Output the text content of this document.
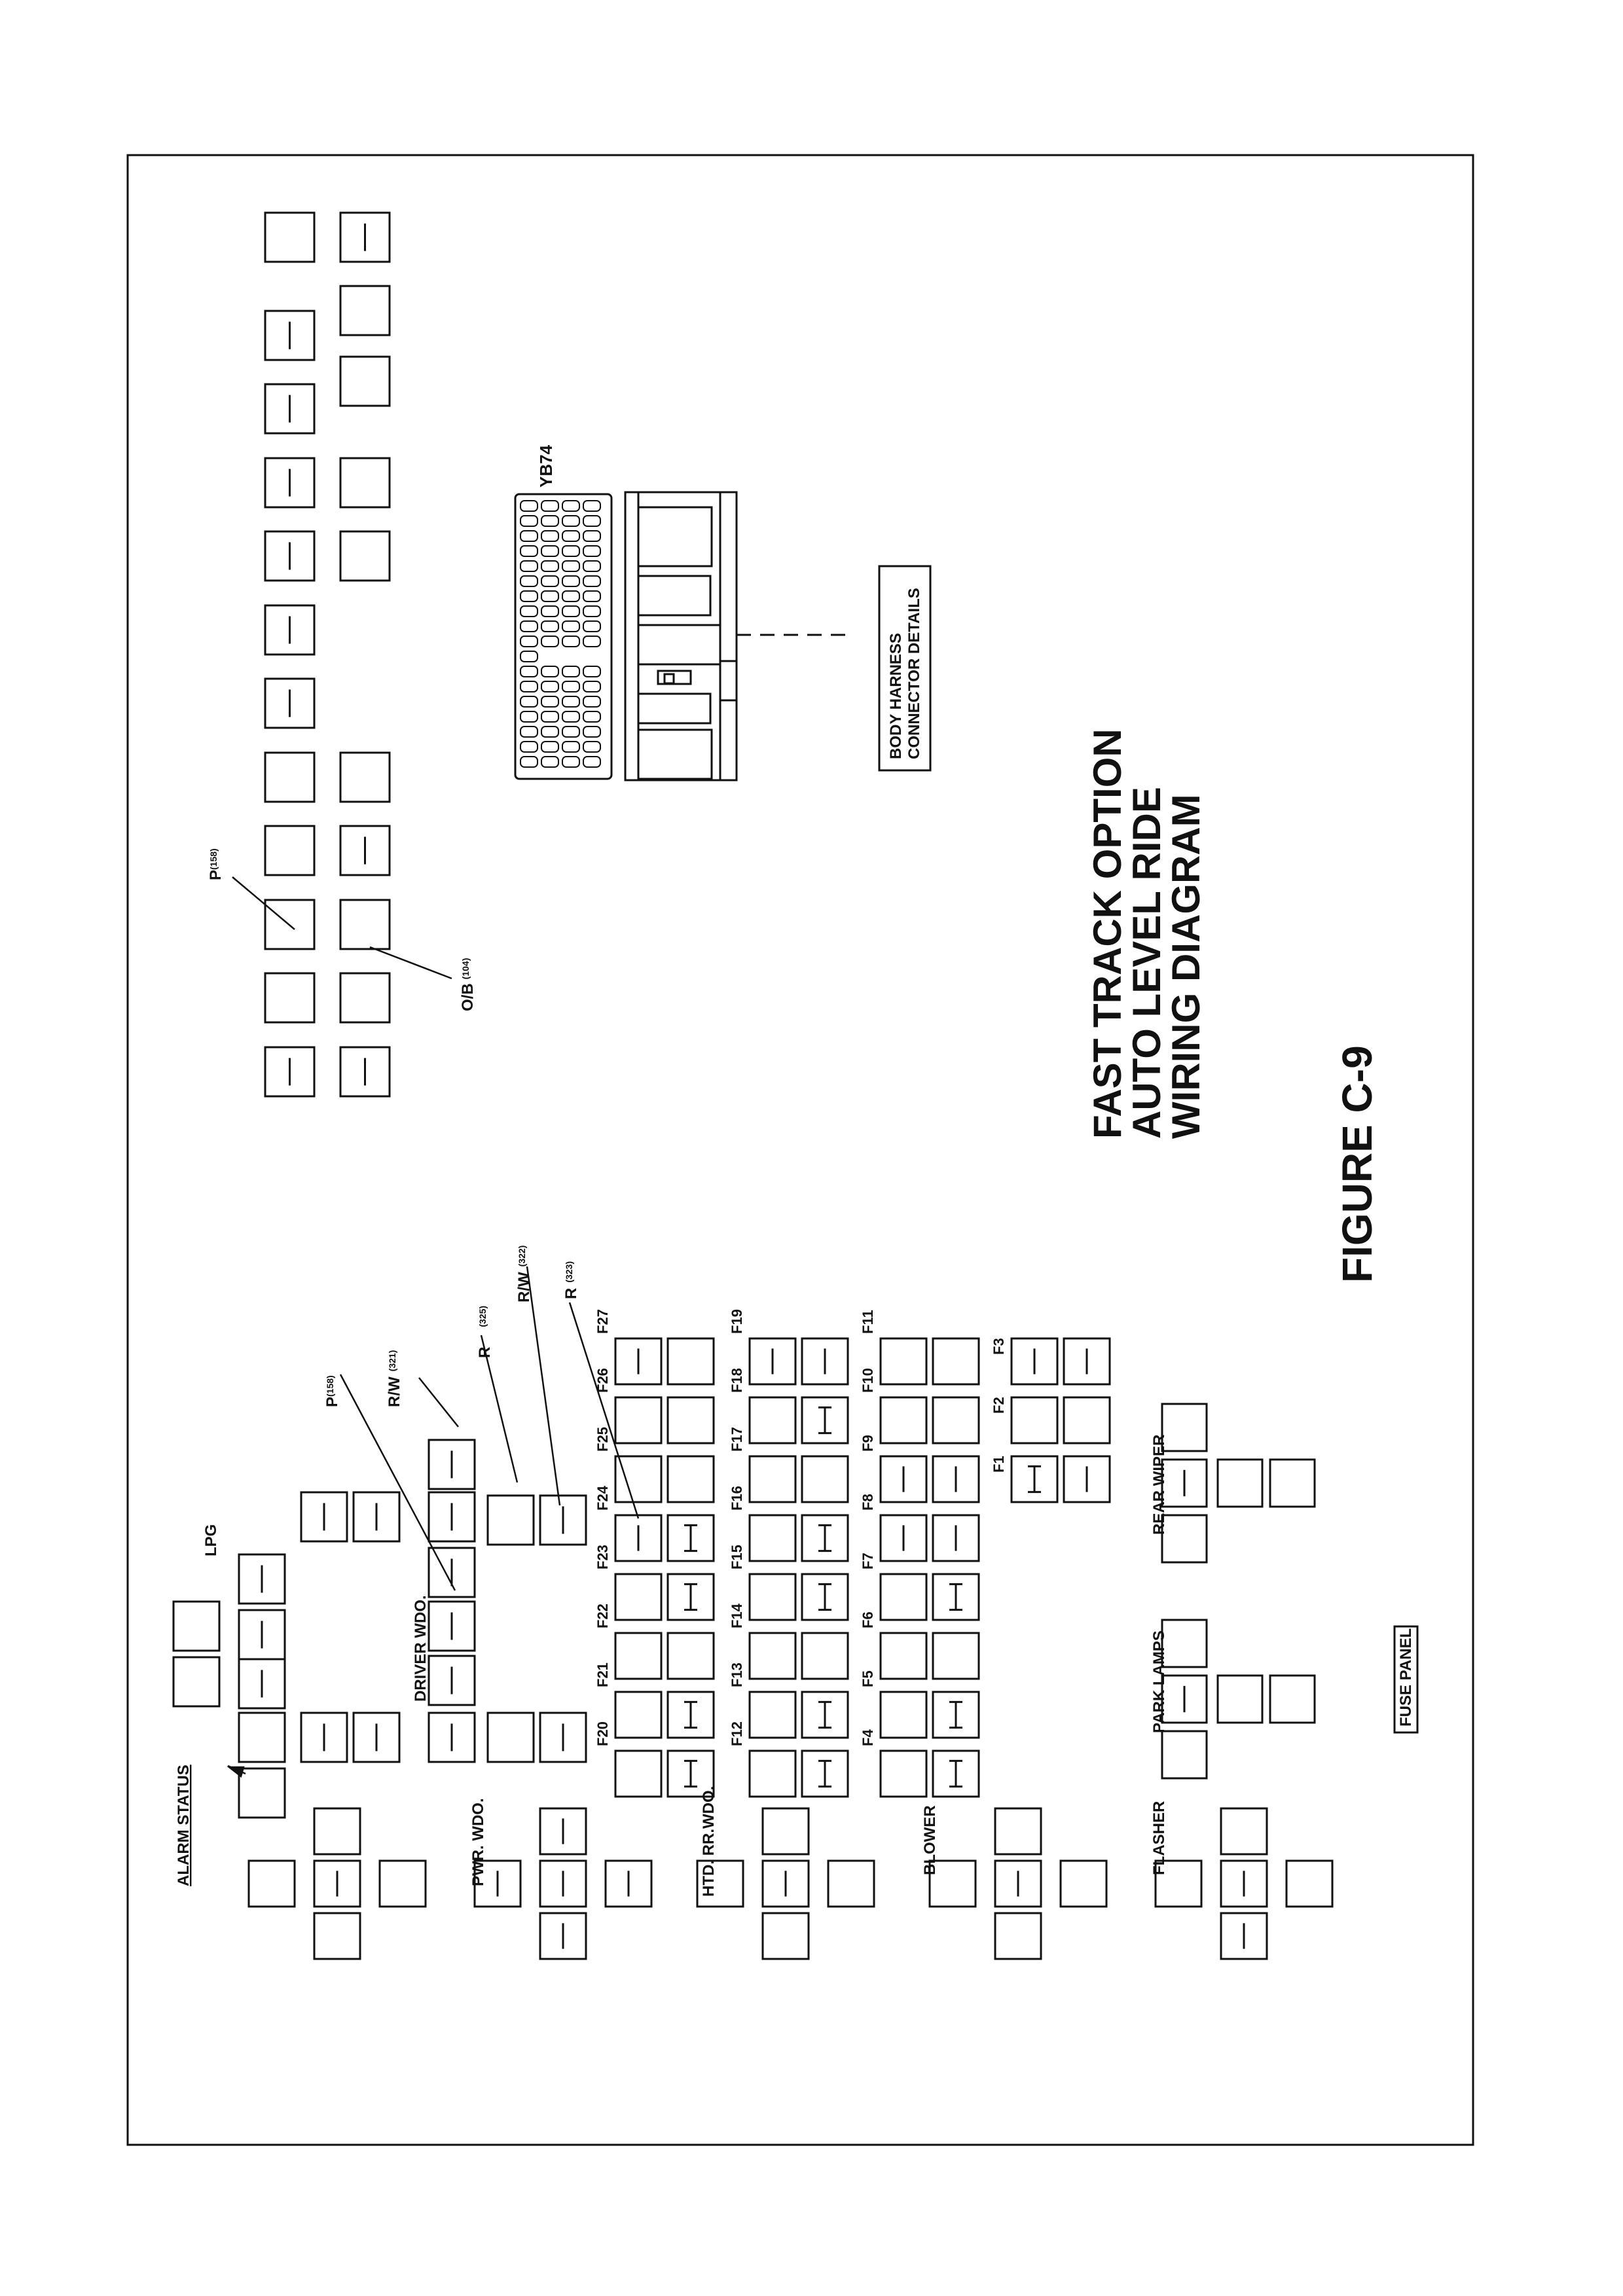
FAST TRACK OPTION
AUTO LEVEL RIDE
WIRING DIAGRAM
FIGURE C-9
YB74
BODY HARNESS CONNECTOR DETAILS
$P^{(158)}$
$O/B^{(104)}$
$P^{(158)}$	$R/W^{(321)}$	$R^{(325)}$
$R/W^{(322)}$
$R^{(323)}$
ALARM STATUS	PWR. WDO.	HTD. RR.WDO.	BLOWER	FLASHER
PARK LAMPS
REAR WIPER
DRIVER WDO.
LPG
FUSE PANEL
F20
F21
F22
F23
F24
F25
F26
F27
F12
F13
F14
F15
F16
F17
F18
F19
F4
F5
F6
F7
F8
F9
F10
F11
F1
F2
F3
